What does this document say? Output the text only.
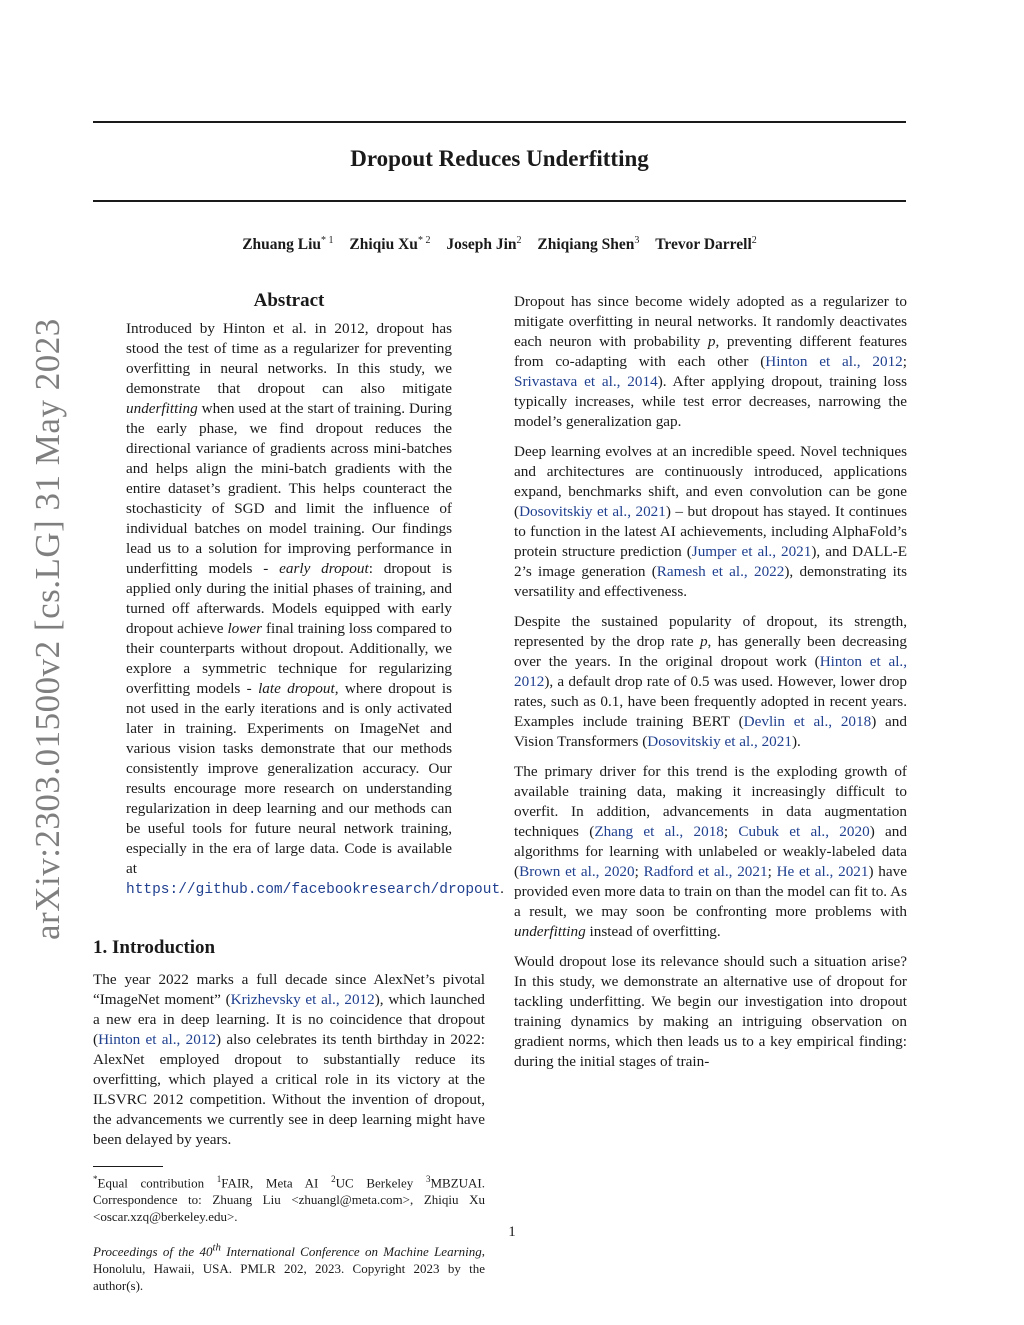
Dropout Reduces Underfitting

Zhuang Liu$^{* 1}$ Zhiqiu Xu$^{* 2}$ Joseph Jin$^2$ Zhiqiang Shen$^3$ Trevor Darrell$^2$

arXiv:2303.01500v2 [cs.LG] 31 May 2023
Abstract

Introduced by Hinton et al. in 2012, dropout has stood the test of time as a regularizer for preventing overfitting in neural networks. In this study, we demonstrate that dropout can also mitigate underfitting when used at the start of training. During the early phase, we find dropout reduces the directional variance of gradients across mini-batches and helps align the mini-batch gradients with the entire dataset’s gradient. This helps counteract the stochasticity of SGD and limit the influence of individual batches on model training. Our findings lead us to a solution for improving performance in underfitting models - early dropout: dropout is applied only during the initial phases of training, and turned off afterwards. Models equipped with early dropout achieve lower final training loss compared to their counterparts without dropout. Additionally, we explore a symmetric technique for regularizing overfitting models - late dropout, where dropout is not used in the early iterations and is only activated later in training. Experiments on ImageNet and various vision tasks demonstrate that our methods consistently improve generalization accuracy. Our results encourage more research on understanding regularization in deep learning and our methods can be useful tools for future neural network training, especially in the era of large data. Code is available at https://github.com/facebookresearch/dropout.

1. Introduction

The year 2022 marks a full decade since AlexNet’s pivotal “ImageNet moment” (Krizhevsky et al., 2012), which launched a new era in deep learning. It is no coincidence that dropout (Hinton et al., 2012) also celebrates its tenth birthday in 2022: AlexNet employed dropout to substantially reduce its overfitting, which played a critical role in its victory at the ILSVRC 2012 competition. Without the invention of dropout, the advancements we currently see in deep learning might have been delayed by years.

*Equal contribution $^1$FAIR, Meta AI $^2$UC Berkeley $^3$MBZUAI. Correspondence to: Zhuang Liu <zhuangl@meta.com>, Zhiqiu Xu <oscar.xzq@berkeley.edu>.

Proceedings of the 40th International Conference on Machine Learning, Honolulu, Hawaii, USA. PMLR 202, 2023. Copyright 2023 by the author(s).

Dropout has since become widely adopted as a regularizer to mitigate overfitting in neural networks. It randomly deactivates each neuron with probability p, preventing different features from co-adapting with each other (Hinton et al., 2012; Srivastava et al., 2014). After applying dropout, training loss typically increases, while test error decreases, narrowing the model’s generalization gap.

Deep learning evolves at an incredible speed. Novel techniques and architectures are continuously introduced, applications expand, benchmarks shift, and even convolution can be gone (Dosovitskiy et al., 2021) – but dropout has stayed. It continues to function in the latest AI achievements, including AlphaFold’s protein structure prediction (Jumper et al., 2021), and DALL-E 2’s image generation (Ramesh et al., 2022), demonstrating its versatility and effectiveness.

Despite the sustained popularity of dropout, its strength, represented by the drop rate p, has generally been decreasing over the years. In the original dropout work (Hinton et al., 2012), a default drop rate of 0.5 was used. However, lower drop rates, such as 0.1, have been frequently adopted in recent years. Examples include training BERT (Devlin et al., 2018) and Vision Transformers (Dosovitskiy et al., 2021).

The primary driver for this trend is the exploding growth of available training data, making it increasingly difficult to overfit. In addition, advancements in data augmentation techniques (Zhang et al., 2018; Cubuk et al., 2020) and algorithms for learning with unlabeled or weakly-labeled data (Brown et al., 2020; Radford et al., 2021; He et al., 2021) have provided even more data to train on than the model can fit to. As a result, we may soon be confronting more problems with underfitting instead of overfitting.

Would dropout lose its relevance should such a situation arise? In this study, we demonstrate an alternative use of dropout for tackling underfitting. We begin our investigation into dropout training dynamics by making an intriguing observation on gradient norms, which then leads us to a key empirical finding: during the initial stages of train-

1
